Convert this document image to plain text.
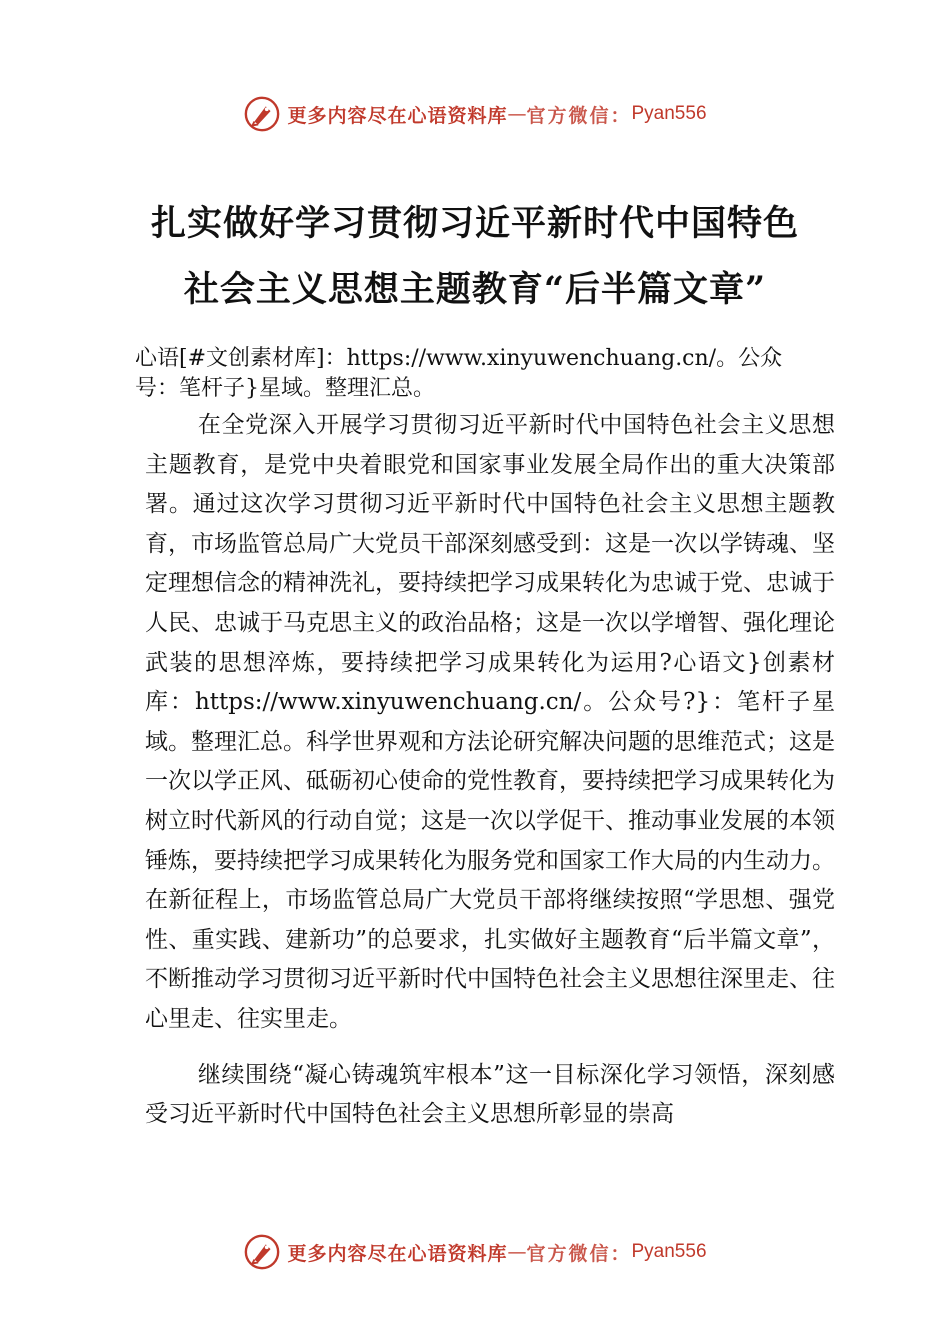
更多内容尽在心语资料库 — 官方微信： Pyan556
扎实做好学习贯彻习近平新时代中国特色
社会主义思想主题教育“后半篇文章”
心语[#文创素材库]：https://www.xinyuwenchuang.cn/。公众
号：笔杆子}星域。整理汇总。

在全党深入开展学习贯彻习近平新时代中国特色社会主义思想主题教育，是党中央着眼党和国家事业发展全局作出的重大决策部署。通过这次学习贯彻习近平新时代中国特色社会主义思想主题教育，市场监管总局广大党员干部深刻感受到：这是一次以学铸魂、坚定理想信念的精神洗礼，要持续把学习成果转化为忠诚于党、忠诚于人民、忠诚于马克思主义的政治品格；这是一次以学增智、强化理论武装的思想淬炼，要持续把学习成果转化为运用?心语文}创素材库：https://www.xinyuwenchuang.cn/。公众号?}：笔杆子星域。整理汇总。科学世界观和方法论研究解决问题的思维范式；这是一次以学正风、砥砺初心使命的党性教育，要持续把学习成果转化为树立时代新风的行动自觉；这是一次以学促干、推动事业发展的本领锤炼，要持续把学习成果转化为服务党和国家工作大局的内生动力。 在新征程上，市场监管总局广大党员干部将继续按照“学思想、强党性、重实践、建新功”的总要求，扎实做好主题教育“后半篇文章”，不断推动学习贯彻习近平新时代中国特色社会主义思想往深里走、往心里走、往实里走。

继续围绕“凝心铸魂筑牢根本”这一目标深化学习领悟，深刻感受习近平新时代中国特色社会主义思想所彰显的崇高

更多内容尽在心语资料库 — 官方微信： Pyan556
